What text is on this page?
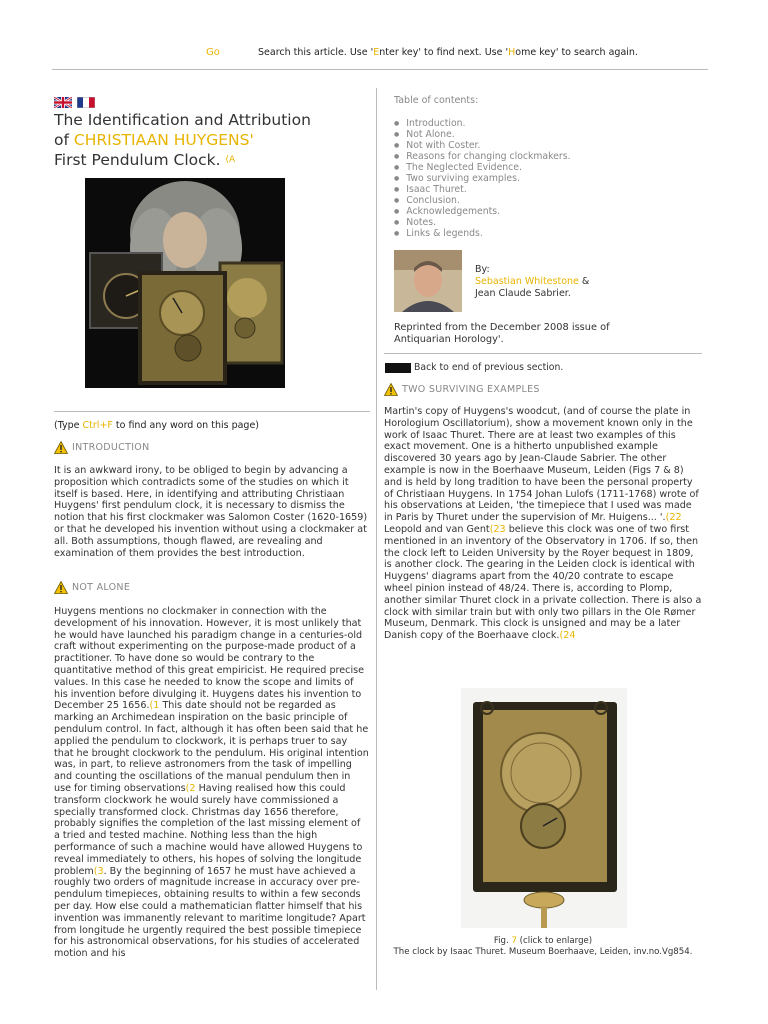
Go	Search this article. Use 'Enter key' to find next. Use 'Home key' to search again.
The Identification and Attribution
of CHRISTIAAN HUYGENS'
First Pendulum Clock. $^{(A}$
(Type Ctrl+F to find any word on this page)
INTRODUCTION
It is an awkward irony, to be obliged to begin by advancing a proposition which contradicts some of the studies on which it itself is based. Here, in identifying and attributing Christiaan Huygens' first pendulum clock, it is necessary to dismiss the notion that his first clockmaker was Salomon Coster (1620-1659) or that he developed his invention without using a clockmaker at all. Both assumptions, though flawed, are revealing and examination of them provides the best introduction.
NOT ALONE
Huygens mentions no clockmaker in connection with the development of his innovation. However, it is most unlikely that he would have launched his paradigm change in a centuries-old craft without experimenting on the purpose-made product of a practitioner. To have done so would be contrary to the quantitative method of this great empiricist. He required precise values. In this case he needed to know the scope and limits of his invention before divulging it. Huygens dates his invention to December 25 1656.(1 This date should not be regarded as marking an Archimedean inspiration on the basic principle of pendulum control. In fact, although it has often been said that he applied the pendulum to clockwork, it is perhaps truer to say that he brought clockwork to the pendulum. His original intention was, in part, to relieve astronomers from the task of impelling and counting the oscillations of the manual pendulum then in use for timing observations(2 Having realised how this could transform clockwork he would surely have commissioned a specially transformed clock. Christmas day 1656 therefore, probably signifies the completion of the last missing element of a tried and tested machine. Nothing less than the high performance of such a machine would have allowed Huygens to reveal immediately to others, his hopes of solving the longitude problem(3. By the beginning of 1657 he must have achieved a roughly two orders of magnitude increase in accuracy over pre-pendulum timepieces, obtaining results to within a few seconds per day. How else could a mathematician flatter himself that his invention was immanently relevant to maritime longitude? Apart from longitude he urgently required the best possible timepiece for his astronomical observations, for his studies of accelerated motion and his
Table of contents:
● Introduction.
● Not Alone.
● Not with Coster.
● Reasons for changing clockmakers.
● The Neglected Evidence.
● Two surviving examples.
● Isaac Thuret.
● Conclusion.
● Acknowledgements.
● Notes.
● Links & legends.
By:
Sebastian Whitestone &
Jean Claude Sabrier.
Reprinted from the December 2008 issue of Antiquarian Horology'.
Back to end of previous section.
TWO SURVIVING EXAMPLES
Martin's copy of Huygens's woodcut, (and of course the plate in Horologium Oscillatorium), show a movement known only in the work of Isaac Thuret. There are at least two examples of this exact movement. One is a hitherto unpublished example discovered 30 years ago by Jean-Claude Sabrier. The other example is now in the Boerhaave Museum, Leiden (Figs 7 & 8) and is held by long tradition to have been the personal property of Christiaan Huygens. In 1754 Johan Lulofs (1711-1768) wrote of his observations at Leiden, 'the timepiece that I used was made in Paris by Thuret under the supervision of Mr. Huigens... '.(22 Leopold and van Gent(23 believe this clock was one of two first mentioned in an inventory of the Observatory in 1706. If so, then the clock left to Leiden University by the Royer bequest in 1809, is another clock. The gearing in the Leiden clock is identical with Huygens' diagrams apart from the 40/20 contrate to escape wheel pinion instead of 48/24. There is, according to Plomp, another similar Thuret clock in a private collection. There is also a clock with similar train but with only two pillars in the Ole Rømer Museum, Denmark. This clock is unsigned and may be a later Danish copy of the Boerhaave clock.(24
Fig. 7 (click to enlarge)
The clock by Isaac Thuret. Museum Boerhaave, Leiden, inv.no.Vg854.
